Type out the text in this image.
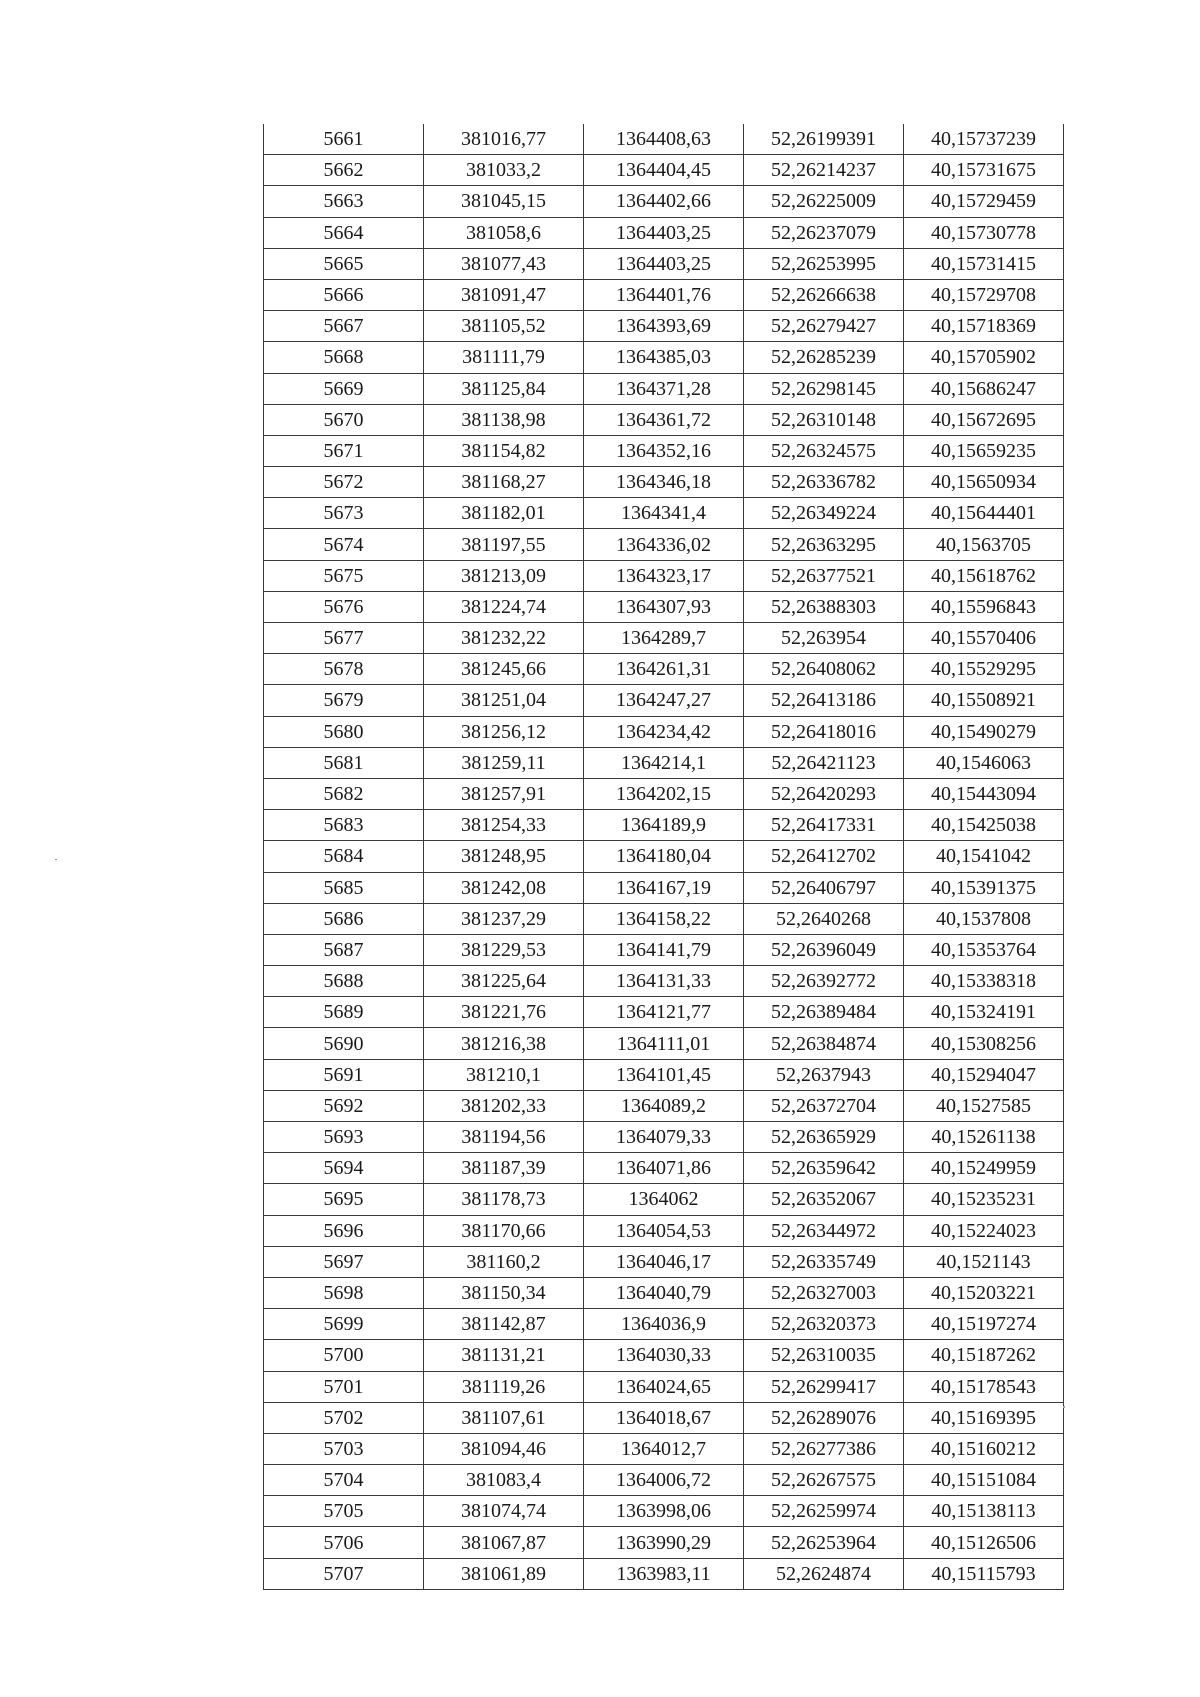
5661	381016,77	1364408,63	52,26199391	40,15737239
5662	381033,2	1364404,45	52,26214237	40,15731675
5663	381045,15	1364402,66	52,26225009	40,15729459
5664	381058,6	1364403,25	52,26237079	40,15730778
5665	381077,43	1364403,25	52,26253995	40,15731415
5666	381091,47	1364401,76	52,26266638	40,15729708
5667	381105,52	1364393,69	52,26279427	40,15718369
5668	381111,79	1364385,03	52,26285239	40,15705902
5669	381125,84	1364371,28	52,26298145	40,15686247
5670	381138,98	1364361,72	52,26310148	40,15672695
5671	381154,82	1364352,16	52,26324575	40,15659235
5672	381168,27	1364346,18	52,26336782	40,15650934
5673	381182,01	1364341,4	52,26349224	40,15644401
5674	381197,55	1364336,02	52,26363295	40,1563705
5675	381213,09	1364323,17	52,26377521	40,15618762
5676	381224,74	1364307,93	52,26388303	40,15596843
5677	381232,22	1364289,7	52,263954	40,15570406
5678	381245,66	1364261,31	52,26408062	40,15529295
5679	381251,04	1364247,27	52,26413186	40,15508921
5680	381256,12	1364234,42	52,26418016	40,15490279
5681	381259,11	1364214,1	52,26421123	40,1546063
5682	381257,91	1364202,15	52,26420293	40,15443094
5683	381254,33	1364189,9	52,26417331	40,15425038
5684	381248,95	1364180,04	52,26412702	40,1541042
5685	381242,08	1364167,19	52,26406797	40,15391375
5686	381237,29	1364158,22	52,2640268	40,1537808
5687	381229,53	1364141,79	52,26396049	40,15353764
5688	381225,64	1364131,33	52,26392772	40,15338318
5689	381221,76	1364121,77	52,26389484	40,15324191
5690	381216,38	1364111,01	52,26384874	40,15308256
5691	381210,1	1364101,45	52,2637943	40,15294047
5692	381202,33	1364089,2	52,26372704	40,1527585
5693	381194,56	1364079,33	52,26365929	40,15261138
5694	381187,39	1364071,86	52,26359642	40,15249959
5695	381178,73	1364062	52,26352067	40,15235231
5696	381170,66	1364054,53	52,26344972	40,15224023
5697	381160,2	1364046,17	52,26335749	40,1521143
5698	381150,34	1364040,79	52,26327003	40,15203221
5699	381142,87	1364036,9	52,26320373	40,15197274
5700	381131,21	1364030,33	52,26310035	40,15187262
5701	381119,26	1364024,65	52,26299417	40,15178543
5702	381107,61	1364018,67	52,26289076	40,15169395
5703	381094,46	1364012,7	52,26277386	40,15160212
5704	381083,4	1364006,72	52,26267575	40,15151084
5705	381074,74	1363998,06	52,26259974	40,15138113
5706	381067,87	1363990,29	52,26253964	40,15126506
5707	381061,89	1363983,11	52,2624874	40,15115793
